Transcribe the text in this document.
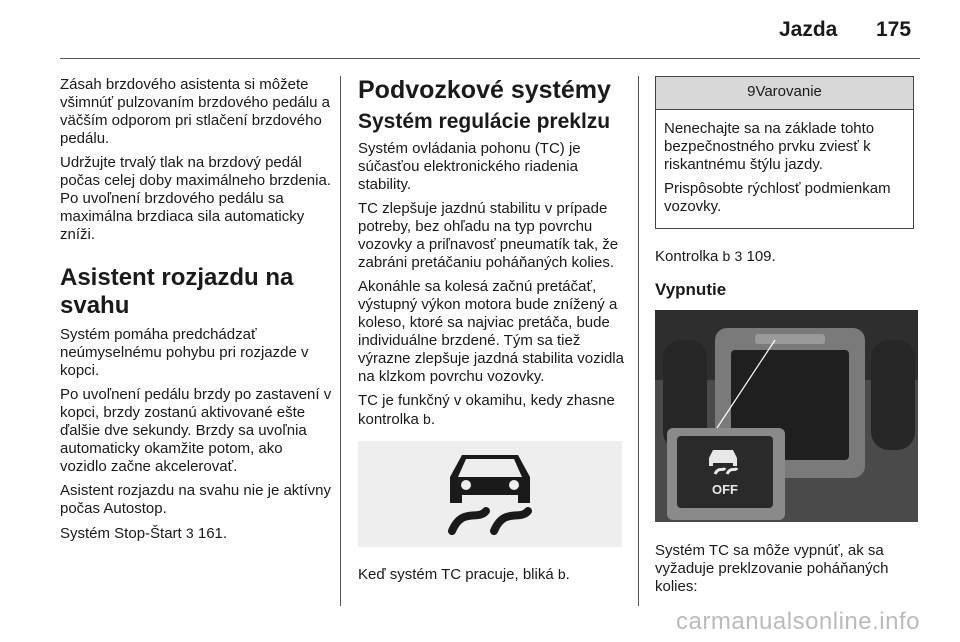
Jazda 175

Zásah brzdového asistenta si môžete všimnúť pulzovaním brzdového pedálu a väčším odporom pri stlačení brzdového pedálu.

Udržujte trvalý tlak na brzdový pedál počas celej doby maximálneho brzdenia. Po uvoľnení brzdového pedálu sa maximálna brzdiaca sila automaticky zníži.

Asistent rozjazdu na svahu

Systém pomáha predchádzať neúmyselnému pohybu pri rozjazde v kopci.

Po uvoľnení pedálu brzdy po zastavení v kopci, brzdy zostanú aktivované ešte ďalšie dve sekundy. Brzdy sa uvoľnia automaticky okamžite potom, ako vozidlo začne akcelerovať.

Asistent rozjazdu na svahu nie je aktívny počas Autostop.

Systém Stop-Štart 3 161.

Podvozkové systémy
Systém regulácie preklzu

Systém ovládania pohonu (TC) je súčasťou elektronického riadenia stability.

TC zlepšuje jazdnú stabilitu v prípade potreby, bez ohľadu na typ povrchu vozovky a priľnavosť pneumatík tak, že zabráni pretáčaniu poháňaných kolies.

Akonáhle sa kolesá začnú pretáčať, výstupný výkon motora bude znížený a koleso, ktoré sa najviac pretáča, bude individuálne brzdené. Tým sa tiež výrazne zlepšuje jazdná stabilita vozidla na klzkom povrchu vozovky.

TC je funkčný v okamihu, kedy zhasne kontrolka b.

Keď systém TC pracuje, bliká b.

9Varovanie

Nenechajte sa na základe tohto bezpečnostného prvku zviesť k riskantnému štýlu jazdy.

Prispôsobte rýchlosť podmienkam vozovky.

Kontrolka b 3 109.

Vypnutie
OFF

Systém TC sa môže vypnúť, ak sa vyžaduje preklzovanie poháňaných kolies:

carmanualsonline.info
